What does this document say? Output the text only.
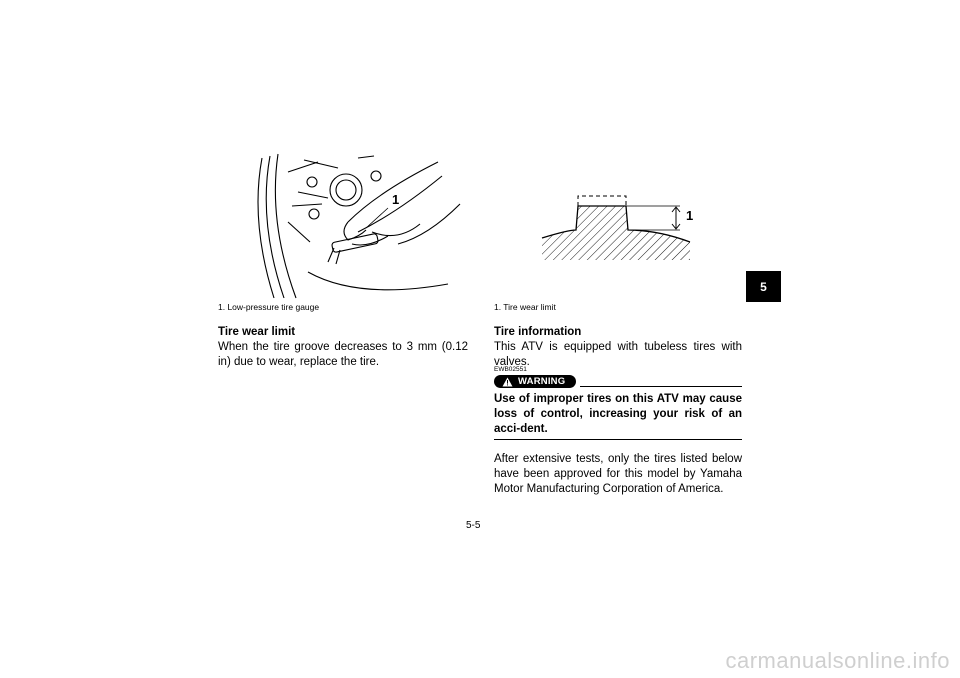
1
1. Low-pressure tire gauge
Tire wear limit
When the tire groove decreases to 3 mm (0.12 in) due to wear, replace the tire.
1
1. Tire wear limit
Tire information
This ATV is equipped with tubeless tires with valves.
EWB02551
WARNING
Use of improper tires on this ATV may cause loss of control, increasing your risk of an acci-dent.
After extensive tests, only the tires listed below have been approved for this model by Yamaha Motor Manufacturing Corporation of America.
5
5-5
carmanualsonline.info
